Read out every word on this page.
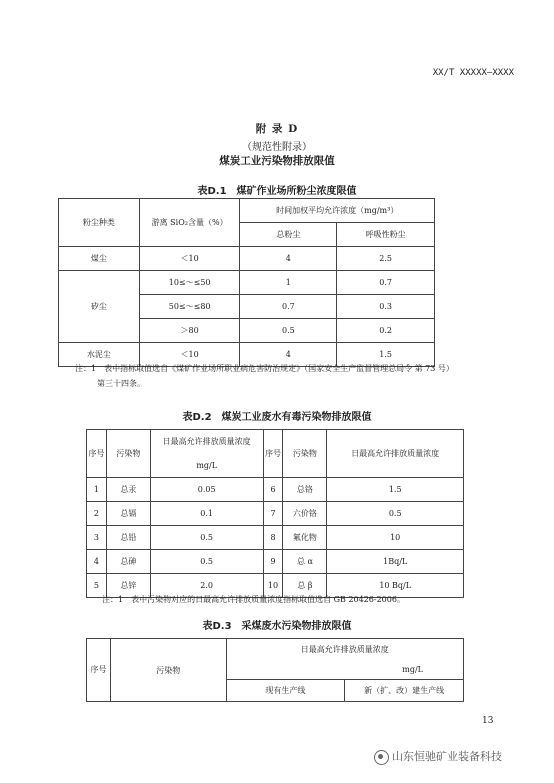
XX/T XXXXX—XXXX
附 录 D
（规范性附录）
煤炭工业污染物排放限值
表D.1　煤矿作业场所粉尘浓度限值
粉尘种类	游离 SiO₂含量（%）	时间加权平均允许浓度（mg/m³）	
		总粉尘	呼吸性粉尘
煤尘	＜10	4	2.5
矽尘	10≤～≤50	1	0.7
	50≤～≤80	0.7	0.3
	＞80	0.5	0.2
水泥尘	＜10	4	1.5
注：1　表中指标取值选自《煤矿作业场所职业病危害防治规定》（国家安全生产监督管理总局令 第 73 号）
第三十四条。
表D.2　煤炭工业废水有毒污染物排放限值
序号	污染物	日最高允许排放质量浓度	序号	污染物	日最高允许排放质量浓度
		mg/L			
1	总汞	0.05	6	总铬	1.5
2	总镉	0.1	7	六价铬	0.5
3	总铅	0.5	8	氟化物	10
4	总砷	0.5	9	总 α	1Bq/L
5	总锌	2.0	10	总 β	10 Bq/L
注：1　表中污染物对应的日最高允许排放质量浓度指标取值选自 GB 20426-2006。
表D.3　采煤废水污染物排放限值
序号	污染物	日最高允许排放质量浓度	
		mg/L	
		现有生产线	新（扩、改）建生产线
13
山东恒驰矿业装备科技
